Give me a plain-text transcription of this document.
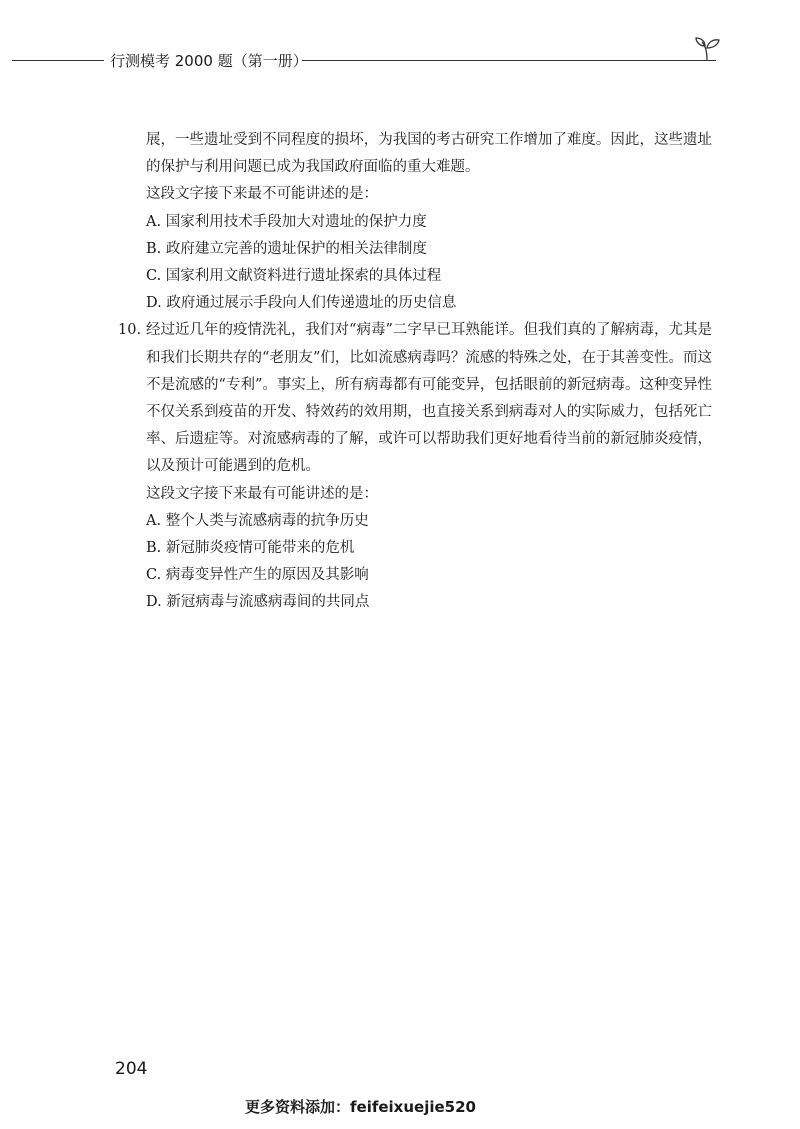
行测模考 2000 题（第一册）

展，一些遗址受到不同程度的损坏，为我国的考古研究工作增加了难度。因此，这些遗址的保护与利用问题已成为我国政府面临的重大难题。

这段文字接下来最不可能讲述的是：

A. 国家利用技术手段加大对遗址的保护力度

B. 政府建立完善的遗址保护的相关法律制度

C. 国家利用文献资料进行遗址探索的具体过程

D. 政府通过展示手段向人们传递遗址的历史信息

10. 经过近几年的疫情洗礼，我们对“病毒”二字早已耳熟能详。但我们真的了解病毒，尤其是和我们长期共存的“老朋友”们，比如流感病毒吗？流感的特殊之处，在于其善变性。而这不是流感的“专利”。事实上，所有病毒都有可能变异，包括眼前的新冠病毒。这种变异性不仅关系到疫苗的开发、特效药的效用期，也直接关系到病毒对人的实际威力，包括死亡率、后遗症等。对流感病毒的了解，或许可以帮助我们更好地看待当前的新冠肺炎疫情，以及预计可能遇到的危机。

这段文字接下来最有可能讲述的是：

A. 整个人类与流感病毒的抗争历史

B. 新冠肺炎疫情可能带来的危机

C. 病毒变异性产生的原因及其影响

D. 新冠病毒与流感病毒间的共同点

204
更多资料添加：feifeixuejie520
